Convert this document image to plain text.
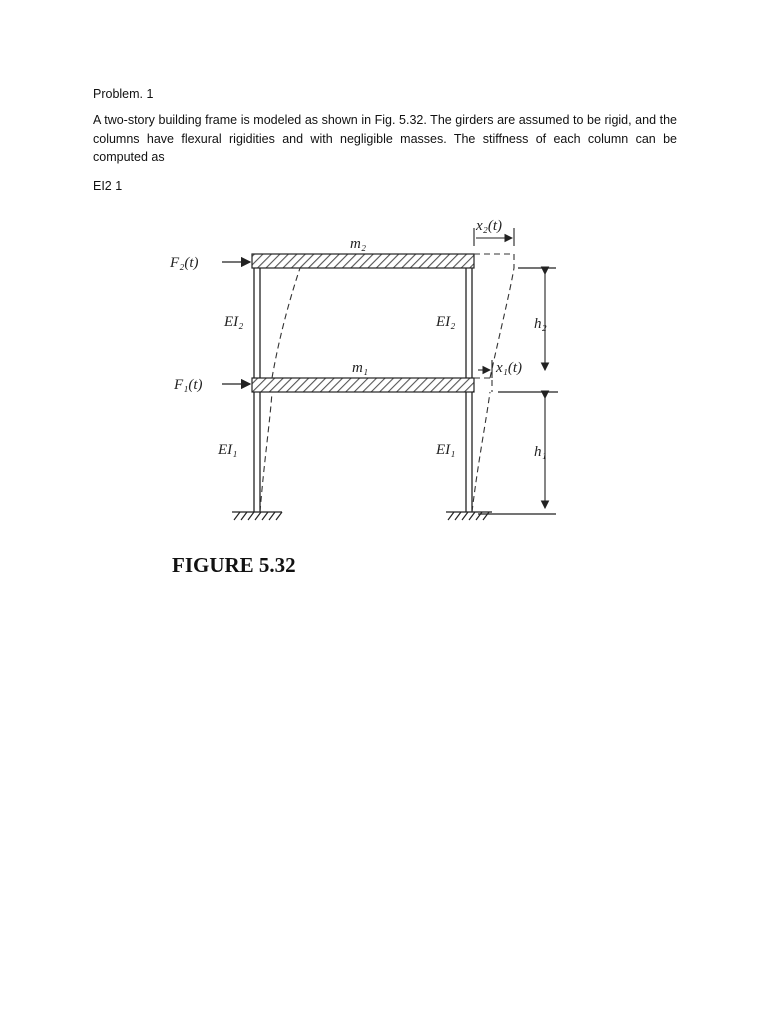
Problem. 1
A two-story building frame is modeled as shown in Fig. 5.32. The girders are assumed to be rigid, and the columns have flexural rigidities and with negligible masses. The stiffness of each column can be computed as
EI2 1
F₂(t)
F₁(t)
m₂
m₁
EI₂	EI₂
EI₁	EI₁
h₂
h₁
x₂(t)
x₁(t)
FIGURE 5.32
